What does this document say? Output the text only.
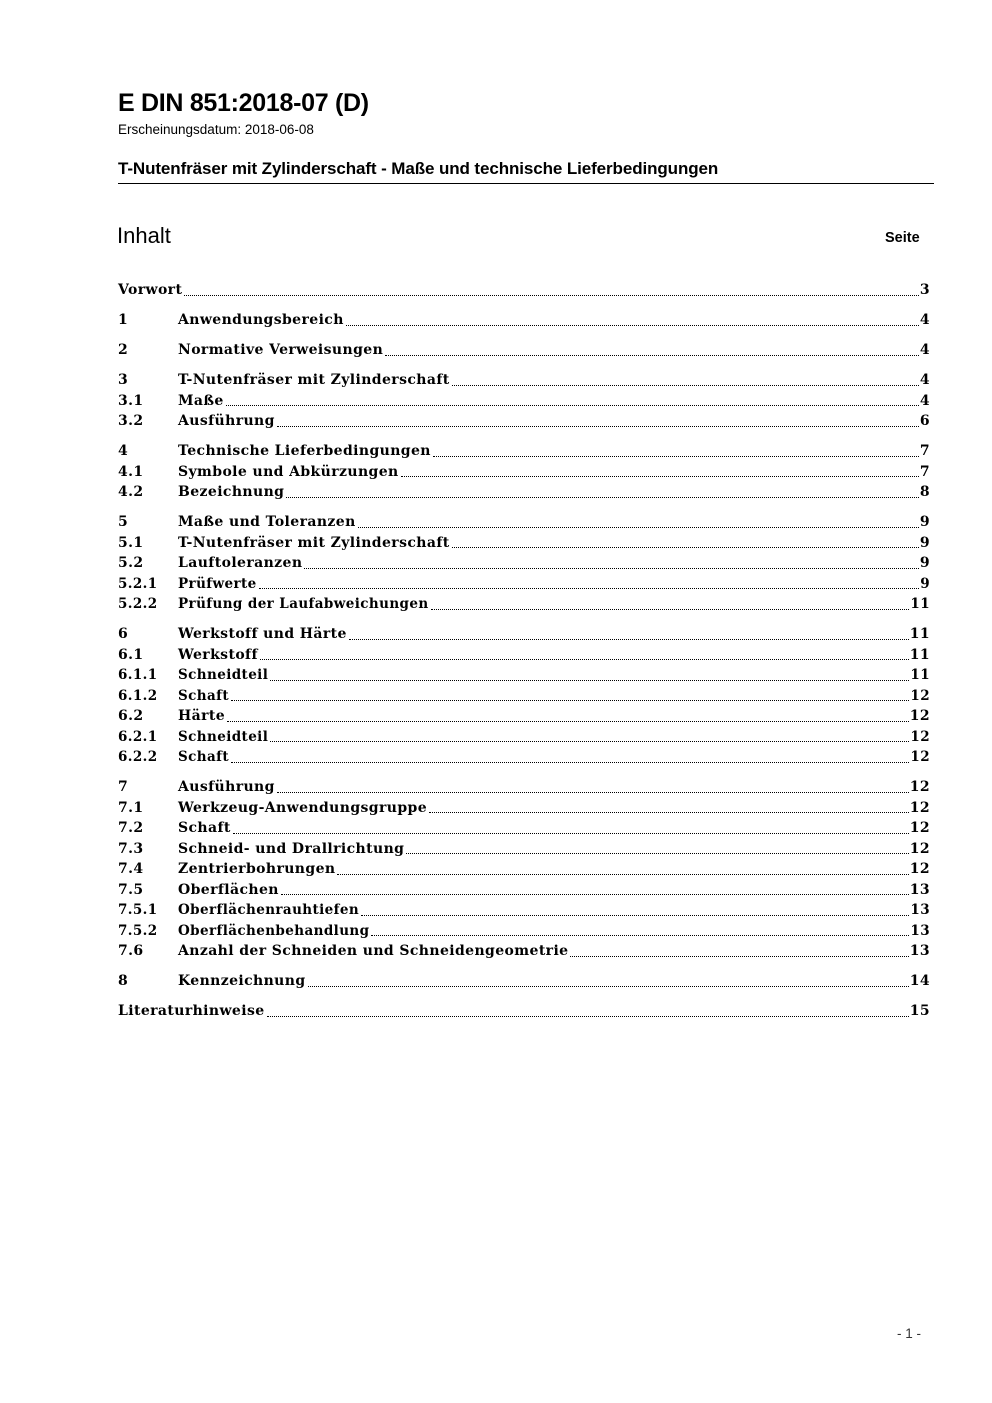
E DIN 851:2018-07 (D)
Erscheinungsdatum: 2018-06-08
T-Nutenfräser mit Zylinderschaft - Maße und technische Lieferbedingungen
Inhalt	Seite
Vorwort	3
1	Anwendungsbereich	4
2	Normative Verweisungen	4
3	T-Nutenfräser mit Zylinderschaft	4
3.1	Maße	4
3.2	Ausführung	6
4	Technische Lieferbedingungen	7
4.1	Symbole und Abkürzungen	7
4.2	Bezeichnung	8
5	Maße und Toleranzen	9
5.1	T-Nutenfräser mit Zylinderschaft	9
5.2	Lauftoleranzen	9
5.2.1	Prüfwerte	9
5.2.2	Prüfung der Laufabweichungen	11
6	Werkstoff und Härte	11
6.1	Werkstoff	11
6.1.1	Schneidteil	11
6.1.2	Schaft	12
6.2	Härte	12
6.2.1	Schneidteil	12
6.2.2	Schaft	12
7	Ausführung	12
7.1	Werkzeug-Anwendungsgruppe	12
7.2	Schaft	12
7.3	Schneid- und Drallrichtung	12
7.4	Zentrierbohrungen	12
7.5	Oberflächen	13
7.5.1	Oberflächenrauhtiefen	13
7.5.2	Oberflächenbehandlung	13
7.6	Anzahl der Schneiden und Schneidengeometrie	13
8	Kennzeichnung	14
Literaturhinweise	15
- 1 -
